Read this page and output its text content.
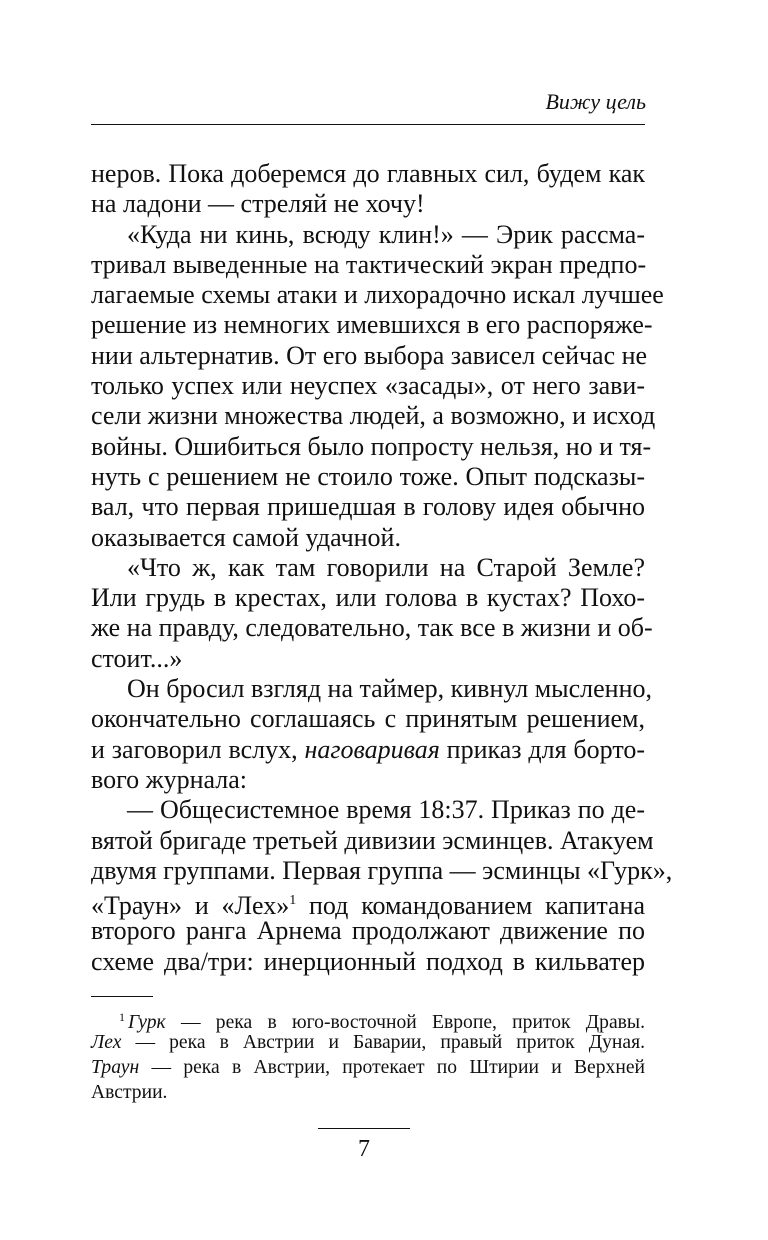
Вижу цель
неров. Пока доберемся до главных сил, будем как
на ладони — стреляй не хочу!
«Куда ни кинь, всюду клин!» — Эрик рассма-
тривал выведенные на тактический экран предпо-
лагаемые схемы атаки и лихорадочно искал лучшее
решение из немногих имевшихся в его распоряже-
нии альтернатив. От его выбора зависел сейчас не
только успех или неуспех «засады», от него зави-
сели жизни множества людей, а возможно, и исход
войны. Ошибиться было попросту нельзя, но и тя-
нуть с решением не стоило тоже. Опыт подсказы-
вал, что первая пришедшая в голову идея обычно
оказывается самой удачной.
«Что ж, как там говорили на Старой Земле?
Или грудь в крестах, или голова в кустах? Похо-
же на правду, следовательно, так все в жизни и об-
стоит...»
Он бросил взгляд на таймер, кивнул мысленно,
окончательно соглашаясь с принятым решением,
и заговорил вслух, наговаривая приказ для борто-
вого журнала:
— Общесистемное время 18:37. Приказ по де-
вятой бригаде третьей дивизии эсминцев. Атакуем
двумя группами. Первая группа — эсминцы «Гурк»,
«Траун» и «Лех»$^1$ под командованием капитана
второго ранга Арнема продолжают движение по
схеме два/три: инерционный подход в кильватер
$^1$ Гурк — река в юго-восточной Европе, приток Дравы.
Лех — река в Австрии и Баварии, правый приток Дуная.
Траун — река в Австрии, протекает по Штирии и Верхней
Австрии.
7
